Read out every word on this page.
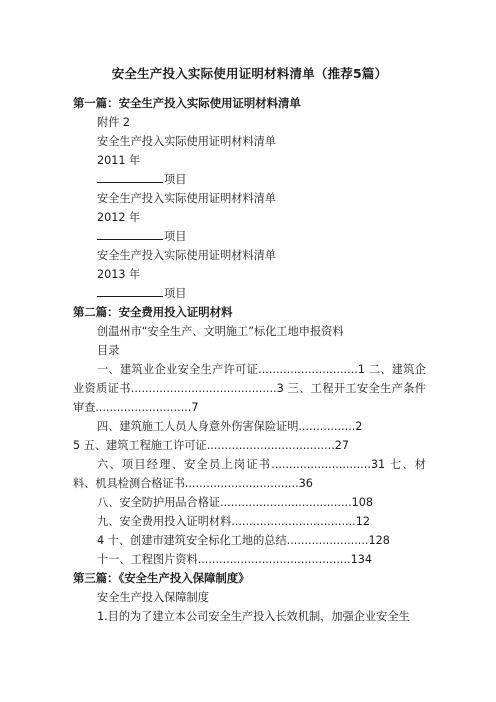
安全生产投入实际使用证明材料清单（推荐5篇）
第一篇：安全生产投入实际使用证明材料清单
附件 2
安全生产投入实际使用证明材料清单
2011 年
项目
安全生产投入实际使用证明材料清单
2012 年
项目
安全生产投入实际使用证明材料清单
2013 年
项目
第二篇：安全费用投入证明材料
创温州市“安全生产、文明施工”标化工地申报资料
目录
一、建筑业企业安全生产许可证............................1 二、建筑企业资质证书.........................................3 三、工程开工安全生产条件审查...........................7
四、建筑施工人员人身意外伤害保险证明................2
5 五、建筑工程施工许可证....................................27
六、项目经理、安全员上岗证书............................31 七、材料、机具检测合格证书................................36
八、安全防护用品合格证.....................................108
九、安全费用投入证明材料...................................12
4 十、创建市建筑安全标化工地的总结.......................128
十一、工程图片资料...........................................134
第三篇：《安全生产投入保障制度》
安全生产投入保障制度
1.目的为了建立本公司安全生产投入长效机制，加强企业安全生
